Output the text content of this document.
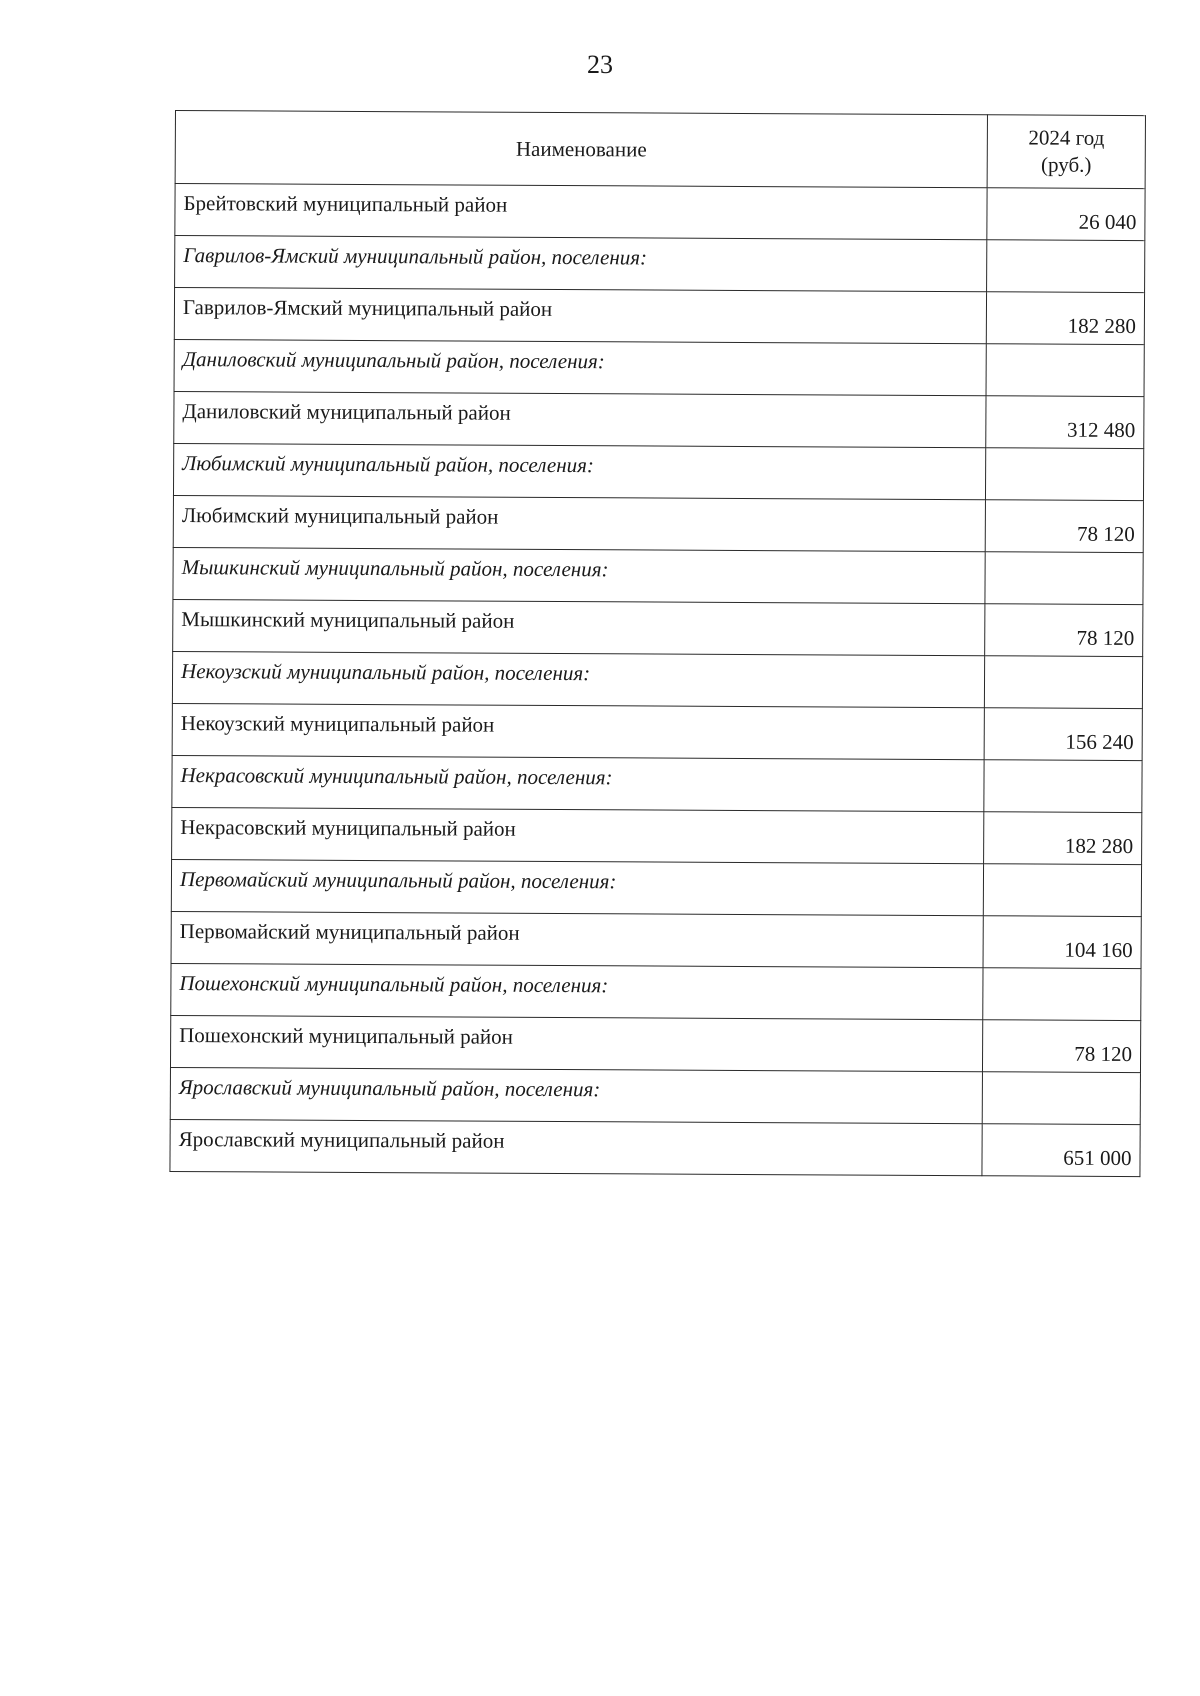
23
Наименование	2024 год
(руб.)
Брейтовский муниципальный район	26 040
Гаврилов-Ямский муниципальный район, поселения:	
Гаврилов-Ямский муниципальный район	182 280
Даниловский муниципальный район, поселения:	
Даниловский муниципальный район	312 480
Любимский муниципальный район, поселения:	
Любимский муниципальный район	78 120
Мышкинский муниципальный район, поселения:	
Мышкинский муниципальный район	78 120
Некоузский муниципальный район, поселения:	
Некоузский муниципальный район	156 240
Некрасовский муниципальный район, поселения:	
Некрасовский муниципальный район	182 280
Первомайский муниципальный район, поселения:	
Первомайский муниципальный район	104 160
Пошехонский муниципальный район, поселения:	
Пошехонский муниципальный район	78 120
Ярославский муниципальный район, поселения:	
Ярославский муниципальный район	651 000
